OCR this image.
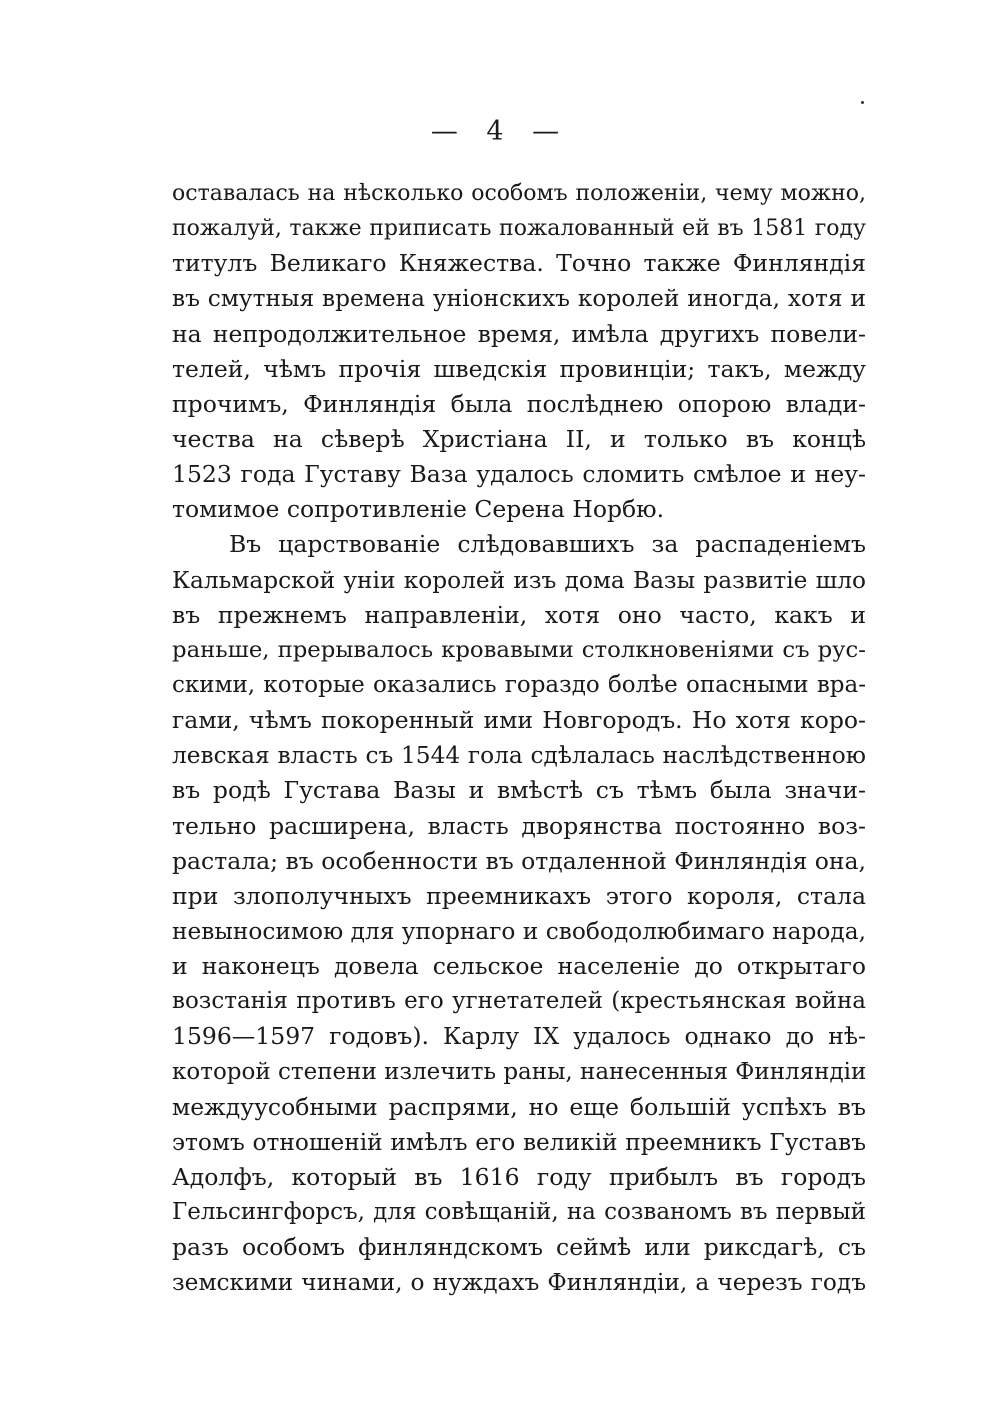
— 4 —
оставалась на нѣсколько особомъ положеніи, чему можно,
пожалуй, также приписать пожалованный ей въ 1581 году
титулъ Великаго Княжества. Точно также Финляндія
въ смутныя времена уніонскихъ королей иногда, хотя и
на непродолжительное время, имѣла другихъ повели-
телей, чѣмъ прочія шведскія провинціи; такъ, между
прочимъ, Финляндія была послѣднею опорою влади-
чества на сѣверѣ Христіана II, и только въ концѣ
1523 года Густаву Ваза удалось сломить смѣлое и неу-
томимое сопротивленіе Серена Норбю.
Въ царствованіе слѣдовавшихъ за распаденіемъ
Кальмарской уніи королей изъ дома Вазы развитіе шло
въ прежнемъ направленіи, хотя оно часто, какъ и
раньше, прерывалось кровавыми столкновеніями съ рус-
скими, которые оказались гораздо болѣе опасными вра-
гами, чѣмъ покоренный ими Новгородъ. Но хотя коро-
левская власть съ 1544 гола сдѣлалась наслѣдственною
въ родѣ Густава Вазы и вмѣстѣ съ тѣмъ была значи-
тельно расширена, власть дворянства постоянно воз-
растала; въ особенности въ отдаленной Финляндія она,
при злополучныхъ преемникахъ этого короля, стала
невыносимою для упорнаго и свободолюбимаго народа,
и наконецъ довела сельское населеніе до открытаго
возстанія противъ его угнетателей (крестьянская война
1596—1597 годовъ). Карлу IX удалось однако до нѣ-
которой степени излечить раны, нанесенныя Финляндіи
междуусобными распрями, но еще большій успѣхъ въ
этомъ отношеній имѣлъ его великій преемникъ Густавъ
Адолфъ, который въ 1616 году прибылъ въ городъ
Гельсингфорсъ, для совѣщаній, на созваномъ въ первый
разъ особомъ финляндскомъ сеймѣ или риксдагѣ, съ
земскими чинами, о нуждахъ Финляндіи, а черезъ годъ
